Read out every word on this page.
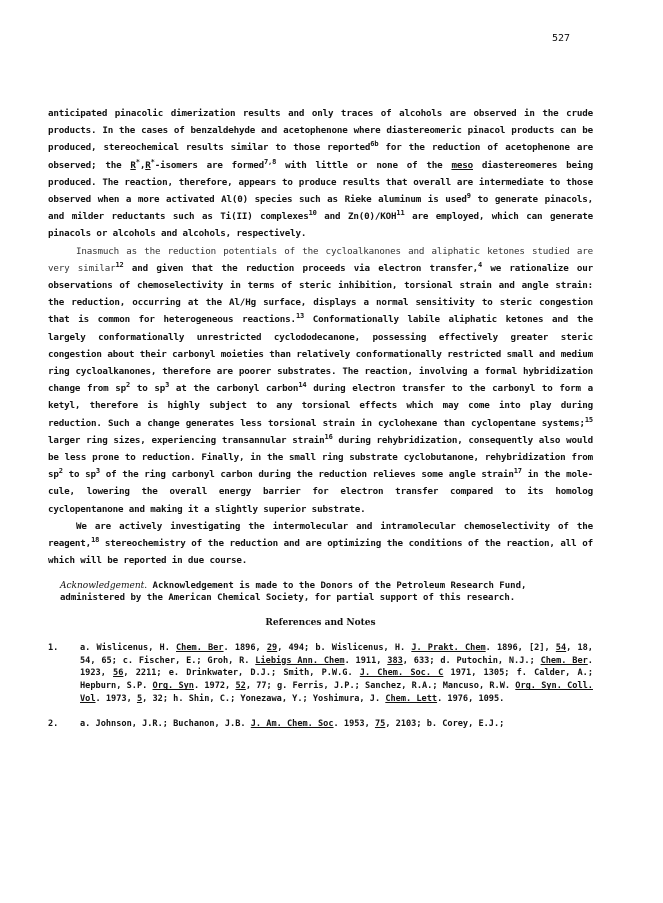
527

anticipated pinacolic dimerization results and only traces of alcohols are observed in the crude products. In the cases of benzaldehyde and acetophenone where diastereomeric pinacol products can be produced, stereochemical results similar to those reported$^{6b}$ for the reduction of acetophenone are observed; the R*,R*-isomers are formed$^{7,8}$ with little or none of the meso diastereomeres being produced. The reaction, therefore, appears to produce results that overall are intermediate to those observed when a more activated Al(0) species such as Rieke aluminum is used$^9$ to generate pinacols, and milder reductants such as Ti(II) complexes$^{10}$ and Zn(0)/KOH$^{11}$ are employed, which can generate pinacols or alcohols and alcohols, respectively.

Inasmuch as the reduction potentials of the cycloalkanones and aliphatic ketones studied are very similar$^{12}$ and given that the reduction proceeds via electron transfer,$^4$ we rationalize our observations of chemoselectivity in terms of steric inhibition, torsional strain and angle strain: the reduction, occurring at the Al/Hg surface, displays a normal sensitivity to steric congestion that is common for heterogeneous reactions.$^{13}$ Conformationally labile aliphatic ketones and the largely conformationally unrestricted cyclododecanone, possessing effectively greater steric congestion about their carbonyl moieties than relatively conformationally restricted small and medium ring cycloalkanones, therefore are poorer substrates. The reaction, involving a formal hybridization change from $sp^2$ to $sp^3$ at the carbonyl carbon$^{14}$ during electron transfer to the carbonyl to form a ketyl, therefore is highly subject to any torsional effects which may come into play during reduction. Such a change generates less torsional strain in cyclohexane than cyclopentane systems;$^{15}$ larger ring sizes, experiencing transannular strain$^{16}$ during rehybridization, consequently also would be less prone to reduction. Finally, in the small ring substrate cyclobutanone, rehybridization from $sp^2$ to $sp^3$ of the ring carbonyl carbon during the reduction relieves some angle strain$^{17}$ in the mole-cule, lowering the overall energy barrier for electron transfer compared to its homolog cyclopentanone and making it a slightly superior substrate.

We are actively investigating the intermolecular and intramolecular chemoselectivity of the reagent,$^{18}$ stereochemistry of the reduction and are optimizing the conditions of the reaction, all of which will be reported in due course.

Acknowledgement. Acknowledgement is made to the Donors of the Petroleum Research Fund, administered by the American Chemical Society, for partial support of this research.
References and Notes
1.	a. Wislicenus, H. Chem. Ber. 1896, 29, 494; b. Wislicenus, H. J. Prakt. Chem. 1896, [2], 54, 18, 54, 65; c. Fischer, E.; Groh, R. Liebigs Ann. Chem. 1911, 383, 633; d. Putochin, N.J.; Chem. Ber. 1923, 56, 2211; e. Drinkwater, D.J.; Smith, P.W.G. J. Chem. Soc. C 1971, 1305; f. Calder, A.; Hepburn, S.P. Org. Syn. 1972, 52, 77; g. Ferris, J.P.; Sanchez, R.A.; Mancuso, R.W. Org. Syn. Coll. Vol. 1973, 5, 32; h. Shin, C.; Yonezawa, Y.; Yoshimura, J. Chem. Lett. 1976, 1095.
2.	a. Johnson, J.R.; Buchanon, J.B. J. Am. Chem. Soc. 1953, 75, 2103; b. Corey, E.J.;
